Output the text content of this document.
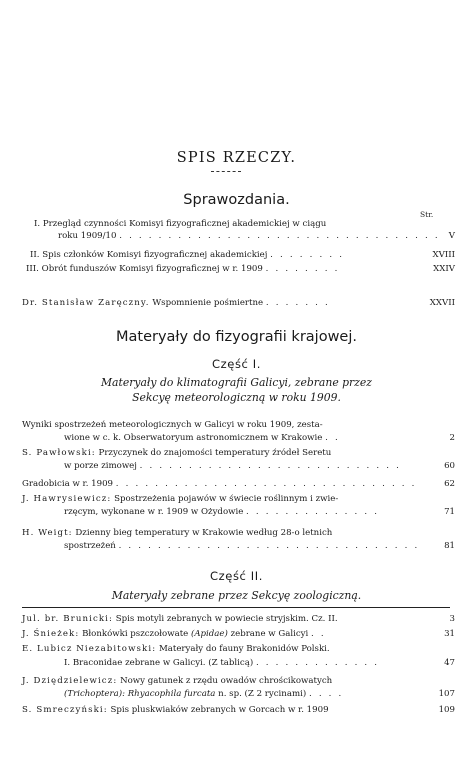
SPIS RZECZY.
Sprawozdania.
Str.
I. Przegląd czynności Komisyi fizyograficznej akademickiej w ciągu
roku 1909/10 . . . . . . . . . . . . . . . . . . . . . . . . . . . . . . . . . V
II. Spis członków Komisyi fizyograficznej akademickiej . . . . . . . .	XVIII
III. Obrót funduszów Komisyi fizyograficznej w r. 1909 . . . . . . . .	XXIV
Dr. Stanisław Zaręczny. Wspomnienie pośmiertne . . . . . . .	XXVII
Materyały do fizyografii krajowej.
Część I.
Materyały do klimatografii Galicyi, zebrane przez Sekcyę meteorologiczną w roku 1909.
Wyniki spostrzeżeń meteorologicznych w Galicyi w roku 1909, zesta-
wione w c. k. Obserwatoryum astronomicznem w Krakowie . .	2
S. Pawłowski: Przyczynek do znajomości temperatury źródeł Seretu
w porze zimowej . . . . . . . . . . . . . . . . . . . . . . . . . . .	60
Gradobicia w r. 1909 . . . . . . . . . . . . . . . . . . . . . . . . . . . . . . .	62
J. Hawrysiewicz: Spostrzeżenia pojawów w świecie roślinnym i zwie-
rzęcym, wykonane w r. 1909 w Ożydowie . . . . . . . . . . . . . .	71
H. Weigt: Dzienny bieg temperatury w Krakowie według 28-o letnich
spostrzeżeń . . . . . . . . . . . . . . . . . . . . . . . . . . . . . . .	81
Część II.
Materyały zebrane przez Sekcyę zoologiczną.
Jul. br. Brunicki: Spis motyli zebranych w powiecie stryjskim. Cz. II.	3
J. Śnieżek: Błonkówki pszczołowate (Apidae) zebrane w Galicyi . .	31
E. Lubicz Niezabitowski: Materyały do fauny Brakonidów Polski.
I. Braconidae zebrane w Galicyi. (Z tablicą) . . . . . . . . . . . . .	47
J. Dziędzielewicz: Nowy gatunek z rzędu owadów chrościkowatych
(Trichoptera): Rhyacophila furcata n. sp. (Z 2 rycinami) . . . .	107
S. Smreczyński: Spis pluskwiaków zebranych w Gorcach w r. 1909	109
